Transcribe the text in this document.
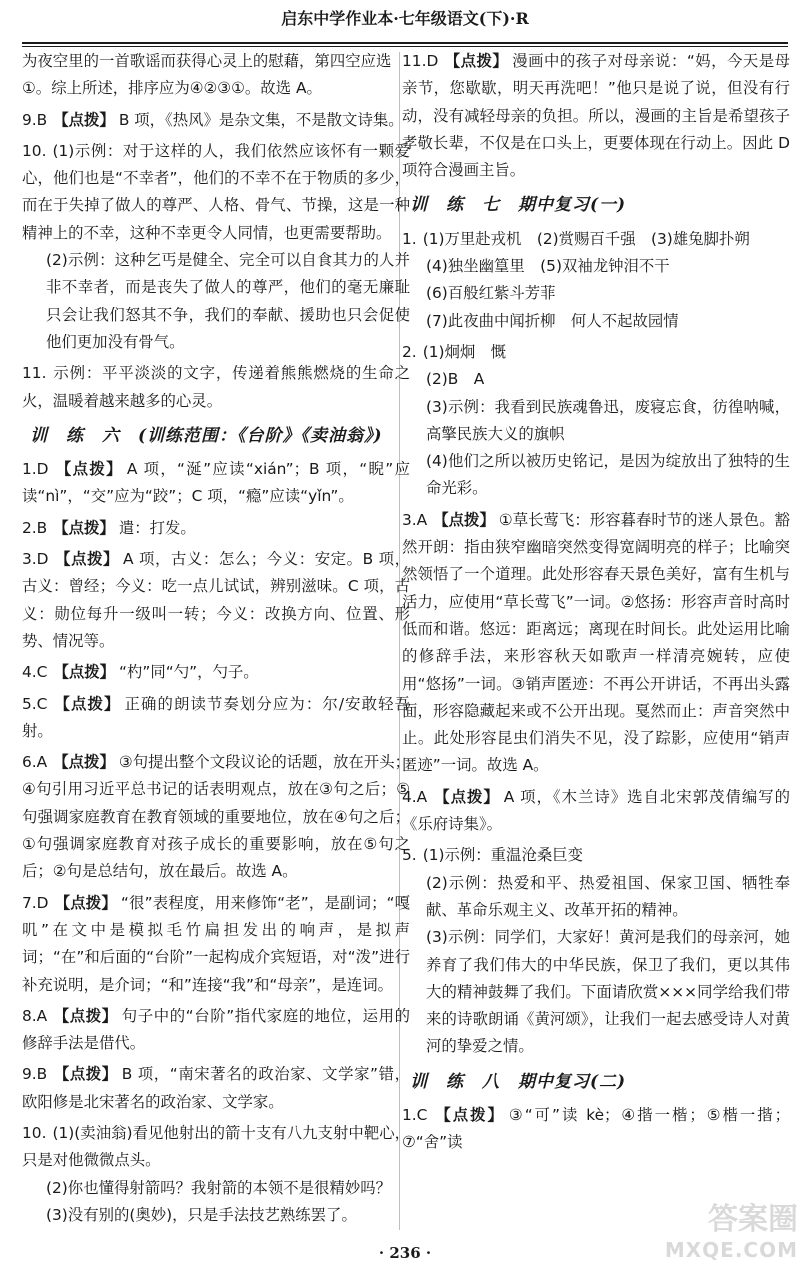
启东中学作业本·七年级语文(下)·R
为夜空里的一首歌谣而获得心灵上的慰藉，第四空应选
①。综上所述，排序应为④②③①。故选 A。
9.B 【点拨】 B 项，《热风》是杂文集，不是散文诗集。
10. (1)示例：对于这样的人，我们依然应该怀有一颗爱心，他们也是“不幸者”，他们的不幸不在于物质的多少，而在于失掉了做人的尊严、人格、骨气、节操，这是一种精神上的不幸，这种不幸更令人同情，也更需要帮助。
(2)示例：这种乞丐是健全、完全可以自食其力的人并非不幸者，而是丧失了做人的尊严，他们的毫无廉耻只会让我们怒其不争，我们的奉献、援助也只会促使他们更加没有骨气。
11. 示例：平平淡淡的文字，传递着熊熊燃烧的生命之火，温暖着越来越多的心灵。
训　练　六　(训练范围：《台阶》《卖油翁》)
1.D 【点拨】 A 项，“涎”应读“xián”；B 项，“睨”应读“nì”，“交”应为“跤”；C 项，“瘾”应读“yǐn”。
2.B 【点拨】 遣：打发。
3.D 【点拨】 A 项，古义：怎么；今义：安定。B 项，古义：曾经；今义：吃一点儿试试，辨别滋味。C 项，古义：勋位每升一级叫一转；今义：改换方向、位置、形势、情况等。
4.C 【点拨】 “杓”同“勺”，勺子。
5.C 【点拨】 正确的朗读节奏划分应为：尔/安敢轻吾射。
6.A 【点拨】 ③句提出整个文段议论的话题，放在开头；④句引用习近平总书记的话表明观点，放在③句之后；⑤句强调家庭教育在教育领域的重要地位，放在④句之后；①句强调家庭教育对孩子成长的重要影响，放在⑤句之后；②句是总结句，放在最后。故选 A。
7.D 【点拨】 “很”表程度，用来修饰“老”，是副词；“嘎叽”在文中是模拟毛竹扁担发出的响声，是拟声词；“在”和后面的“台阶”一起构成介宾短语，对“泼”进行补充说明，是介词；“和”连接“我”和“母亲”，是连词。
8.A 【点拨】 句子中的“台阶”指代家庭的地位，运用的修辞手法是借代。
9.B 【点拨】 B 项，“南宋著名的政治家、文学家”错，欧阳修是北宋著名的政治家、文学家。
10. (1)(卖油翁)看见他射出的箭十支有八九支射中靶心，只是对他微微点头。
(2)你也懂得射箭吗？我射箭的本领不是很精妙吗？
(3)没有别的(奥妙)，只是手法技艺熟练罢了。
11.D 【点拨】 漫画中的孩子对母亲说：“妈，今天是母亲节，您歇歇，明天再洗吧！”他只是说了说，但没有行动，没有减轻母亲的负担。所以，漫画的主旨是希望孩子孝敬长辈，不仅是在口头上，更要体现在行动上。因此 D 项符合漫画主旨。
训　练　七　期中复习(一)
1. (1)万里赴戎机　(2)赏赐百千强　(3)雄兔脚扑朔
(4)独坐幽篁里　(5)双袖龙钟泪不干
(6)百般红紫斗芳菲
(7)此夜曲中闻折柳　何人不起故园情
2. (1)炯炯　慨
(2)B　A
(3)示例：我看到民族魂鲁迅，废寝忘食，彷徨呐喊，高擎民族大义的旗帜
(4)他们之所以被历史铭记，是因为绽放出了独特的生命光彩。
3.A 【点拨】 ①草长莺飞：形容暮春时节的迷人景色。豁然开朗：指由狭窄幽暗突然变得宽阔明亮的样子；比喻突然领悟了一个道理。此处形容春天景色美好，富有生机与活力，应使用“草长莺飞”一词。②悠扬：形容声音时高时低而和谐。悠远：距离远；离现在时间长。此处运用比喻的修辞手法，来形容秋天如歌声一样清亮婉转，应使用“悠扬”一词。③销声匿迹：不再公开讲话，不再出头露面，形容隐藏起来或不公开出现。戛然而止：声音突然中止。此处形容昆虫们消失不见，没了踪影，应使用“销声匿迹”一词。故选 A。
4.A 【点拨】 A 项，《木兰诗》选自北宋郭茂倩编写的《乐府诗集》。
5. (1)示例：重温沧桑巨变
(2)示例：热爱和平、热爱祖国、保家卫国、牺牲奉献、革命乐观主义、改革开拓的精神。
(3)示例：同学们，大家好！黄河是我们的母亲河，她养育了我们伟大的中华民族，保卫了我们，更以其伟大的精神鼓舞了我们。下面请欣赏×××同学给我们带来的诗歌朗诵《黄河颂》，让我们一起去感受诗人对黄河的挚爱之情。
训　练　八　期中复习(二)
1.C 【点拨】 ③“可”读 kè；④揩一楷；⑤楷一揩；⑦“舍”读
· 236 ·
答案圈
MXQE.COM
